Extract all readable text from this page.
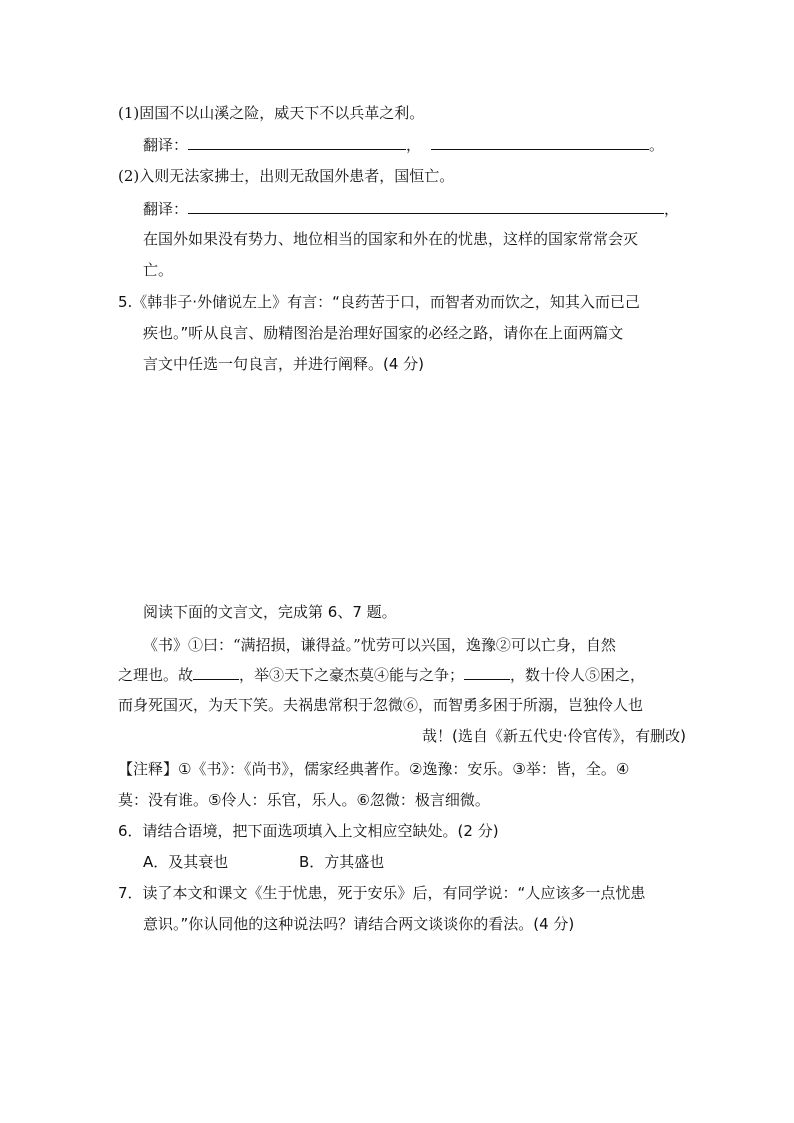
(1)固国不以山溪之险，威天下不以兵革之利。
翻译：	，	。
(2)入则无法家拂士，出则无敌国外患者，国恒亡。
翻译：	，
在国外如果没有势力、地位相当的国家和外在的忧患，这样的国家常常会灭
亡。
5.《韩非子·外储说左上》有言：“良药苦于口，而智者劝而饮之，知其入而已己
疾也。”听从良言、励精图治是治理好国家的必经之路，请你在上面两篇文
言文中任选一句良言，并进行阐释。(4 分)
阅读下面的文言文，完成第 6、7 题。
《书》①曰：“满招损，谦得益。”忧劳可以兴国，逸豫②可以亡身，自然
之理也。故	，举③天下之豪杰莫④能与之争；	，数十伶人⑤困之，
而身死国灭，为天下笑。夫祸患常积于忽微⑥，而智勇多困于所溺，岂独伶人也
哉！(选自《新五代史·伶官传》，有删改)
【注释】①《书》：《尚书》，儒家经典著作。②逸豫：安乐。③举：皆，全。④
莫：没有谁。⑤伶人：乐官，乐人。⑥忽微：极言细微。
6．请结合语境，把下面选项填入上文相应空缺处。(2 分)
A．及其衰也	B．方其盛也
7．读了本文和课文《生于忧患，死于安乐》后，有同学说：“人应该多一点忧患
意识。”你认同他的这种说法吗？请结合两文谈谈你的看法。(4 分)
